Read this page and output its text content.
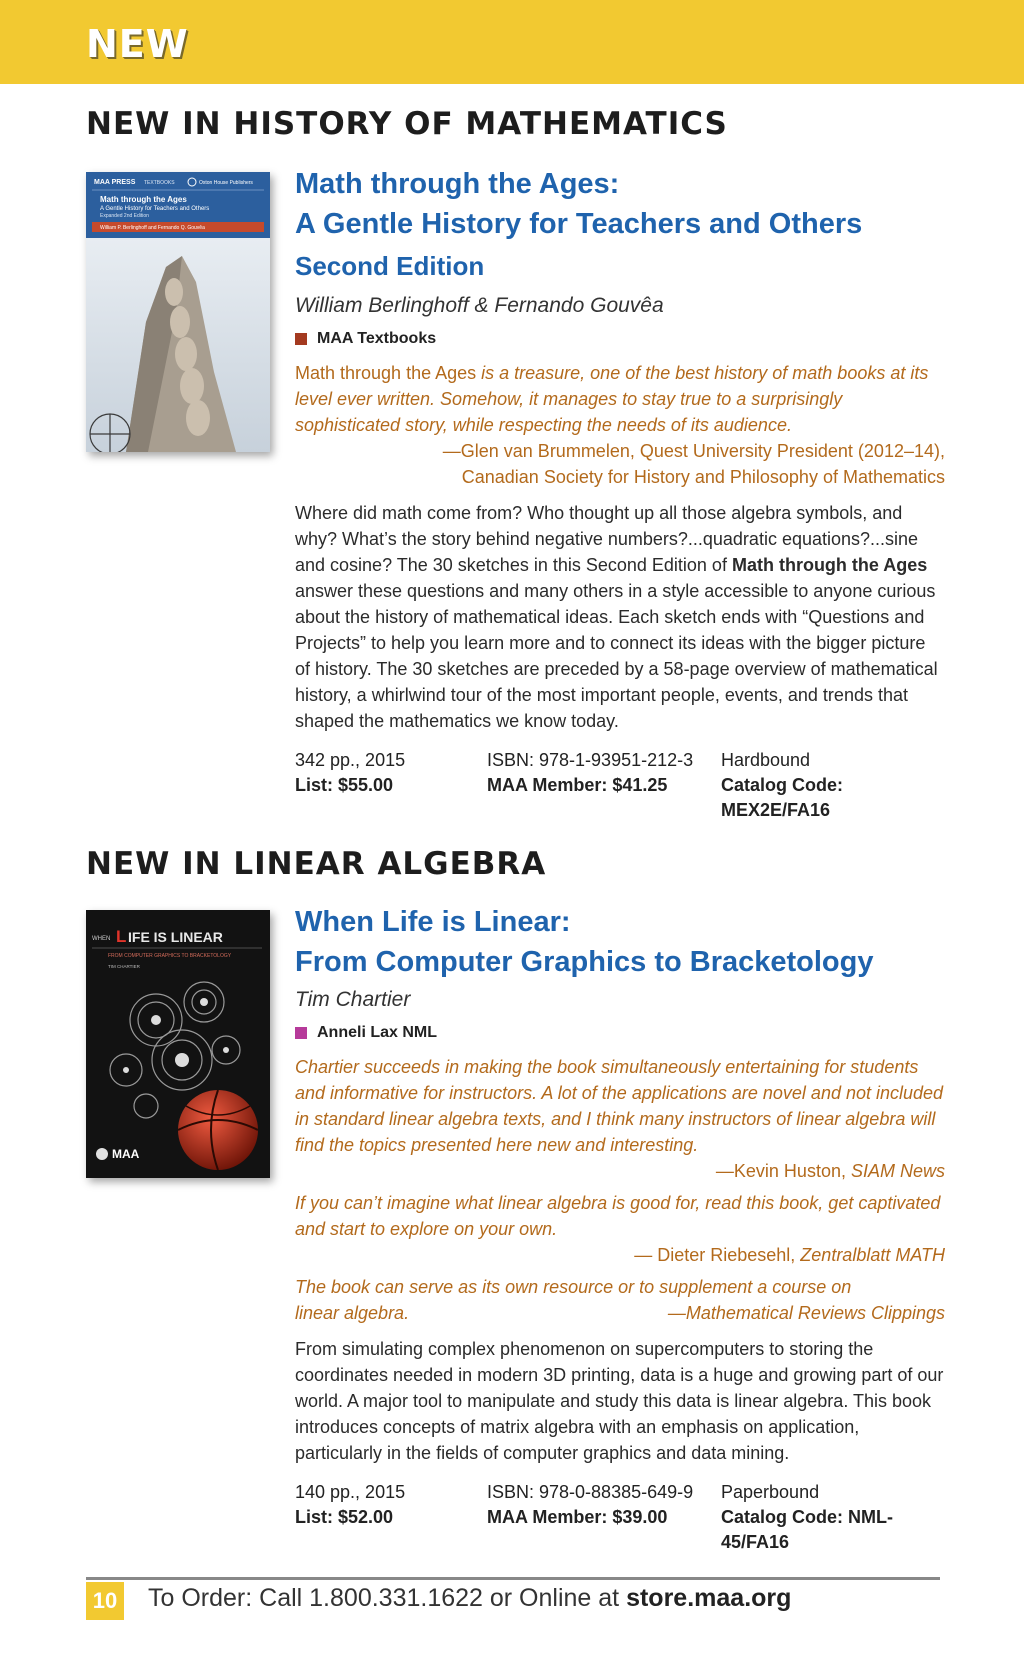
NEW
NEW IN HISTORY OF MATHEMATICS
MAA PRESS TEXTBOOKS	Oxton House Publishers
Math through the Ages
A Gentle History for Teachers and Others
Expanded 2nd Edition
William P. Berlinghoff and Fernando Q. Gouvêa
Math through the Ages:
A Gentle History for Teachers and Others
Second Edition
William Berlinghoff & Fernando Gouvêa
MAA Textbooks
Math through the Ages is a treasure, one of the best history of math books at its level ever written. Somehow, it manages to stay true to a surprisingly sophisticated story, while respecting the needs of its audience.
—Glen van Brummelen, Quest University President (2012–14),
Canadian Society for History and Philosophy of Mathematics
Where did math come from? Who thought up all those algebra symbols, and why? What’s the story behind negative numbers?...quadratic equations?...sine and cosine? The 30 sketches in this Second Edition of Math through the Ages answer these questions and many others in a style accessible to anyone curious about the history of mathematical ideas. Each sketch ends with “Questions and Projects” to help you learn more and to connect its ideas with the bigger picture of history. The 30 sketches are preceded by a 58-page overview of mathematical history, a whirlwind tour of the most important people, events, and trends that shaped the mathematics we know today.
342 pp., 2015	ISBN: 978-1-93951-212-3	Hardbound
List: $55.00	MAA Member: $41.25	Catalog Code: MEX2E/FA16
NEW IN LINEAR ALGEBRA
WHEN L IFE IS LINEAR
FROM COMPUTER GRAPHICS TO BRACKETOLOGY
TIM CHARTIER
MAA
When Life is Linear:
From Computer Graphics to Bracketology
Tim Chartier
Anneli Lax NML
Chartier succeeds in making the book simultaneously entertaining for students and informative for instructors. A lot of the applications are novel and not included in standard linear algebra texts, and I think many instructors of linear algebra will find the topics presented here new and interesting.
—Kevin Huston, SIAM News
If you can’t imagine what linear algebra is good for, read this book, get captivated and start to explore on your own.
— Dieter Riebesehl, Zentralblatt MATH
The book can serve as its own resource or to supplement a course on
linear algebra.	—Mathematical Reviews Clippings
From simulating complex phenomenon on supercomputers to storing the coordinates needed in modern 3D printing, data is a huge and growing part of our world. A major tool to manipulate and study this data is linear algebra. This book introduces concepts of matrix algebra with an emphasis on application, particularly in the fields of computer graphics and data mining.
140 pp., 2015	ISBN: 978-0-88385-649-9	Paperbound
List: $52.00	MAA Member: $39.00	Catalog Code: NML-45/FA16
10 To Order: Call 1.800.331.1622 or Online at store.maa.org
